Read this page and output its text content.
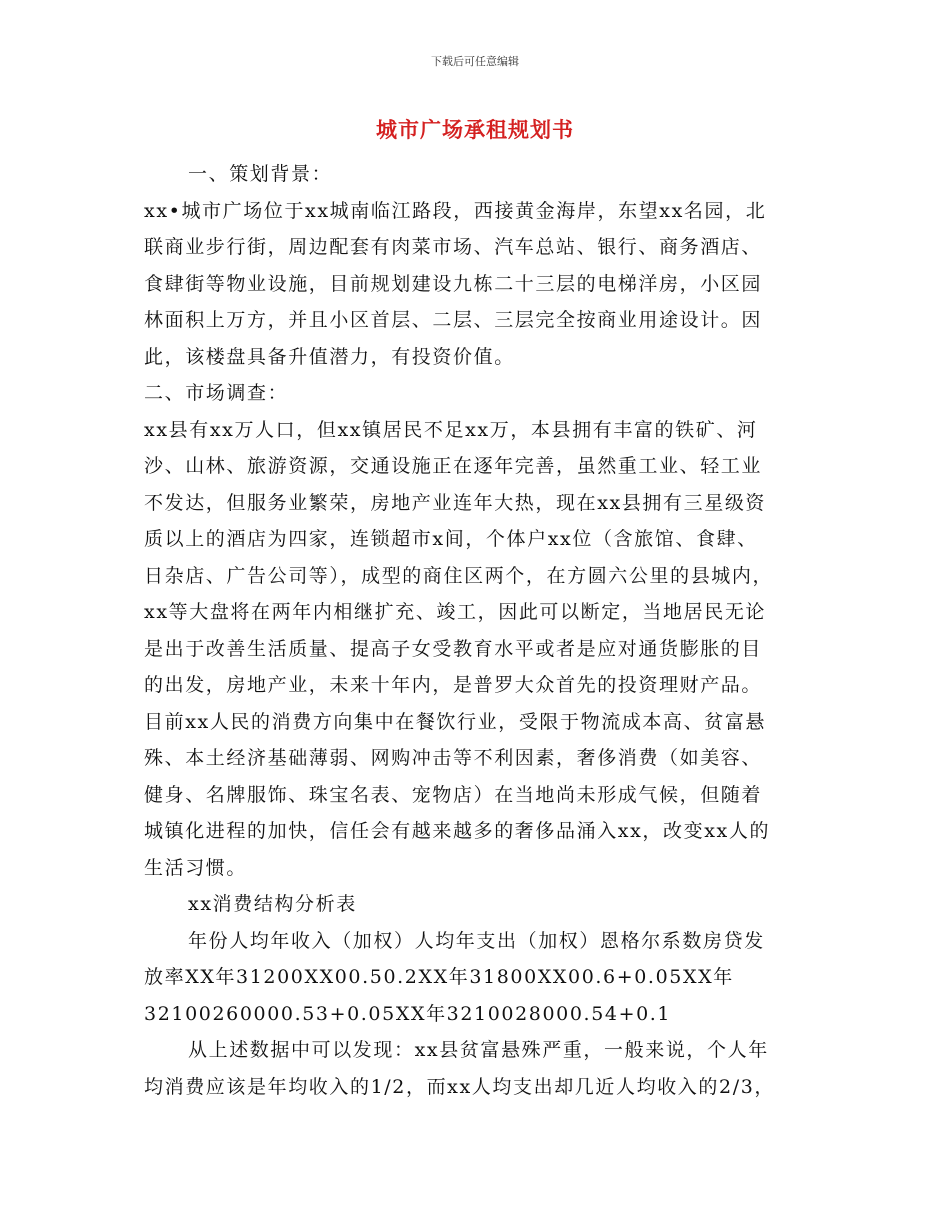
下载后可任意编辑
城市广场承租规划书
一、策划背景：
xx•城市广场位于xx城南临江路段，西接黄金海岸，东望xx名园，北
联商业步行街，周边配套有肉菜市场、汽车总站、银行、商务酒店、
食肆街等物业设施，目前规划建设九栋二十三层的电梯洋房，小区园
林面积上万方，并且小区首层、二层、三层完全按商业用途设计。因
此，该楼盘具备升值潜力，有投资价值。
二、市场调查：
xx县有xx万人口，但xx镇居民不足xx万，本县拥有丰富的铁矿、河
沙、山林、旅游资源，交通设施正在逐年完善，虽然重工业、轻工业
不发达，但服务业繁荣，房地产业连年大热，现在xx县拥有三星级资
质以上的酒店为四家，连锁超市x间，个体户xx位（含旅馆、食肆、
日杂店、广告公司等），成型的商住区两个，在方圆六公里的县城内，
xx等大盘将在两年内相继扩充、竣工，因此可以断定，当地居民无论
是出于改善生活质量、提高子女受教育水平或者是应对通货膨胀的目
的出发，房地产业，未来十年内，是普罗大众首先的投资理财产品。
目前xx人民的消费方向集中在餐饮行业，受限于物流成本高、贫富悬
殊、本土经济基础薄弱、网购冲击等不利因素，奢侈消费（如美容、
健身、名牌服饰、珠宝名表、宠物店）在当地尚未形成气候，但随着
城镇化进程的加快，信任会有越来越多的奢侈品涌入xx，改变xx人的
生活习惯。
xx消费结构分析表
年份人均年收入（加权）人均年支出（加权）恩格尔系数房贷发
放率XX年31200XX00.50.2XX年31800XX00.6+0.05XX年
32100260000.53+0.05XX年3210028000.54+0.1
从上述数据中可以发现：xx县贫富悬殊严重，一般来说，个人年
均消费应该是年均收入的1/2，而xx人均支出却几近人均收入的2/3，
